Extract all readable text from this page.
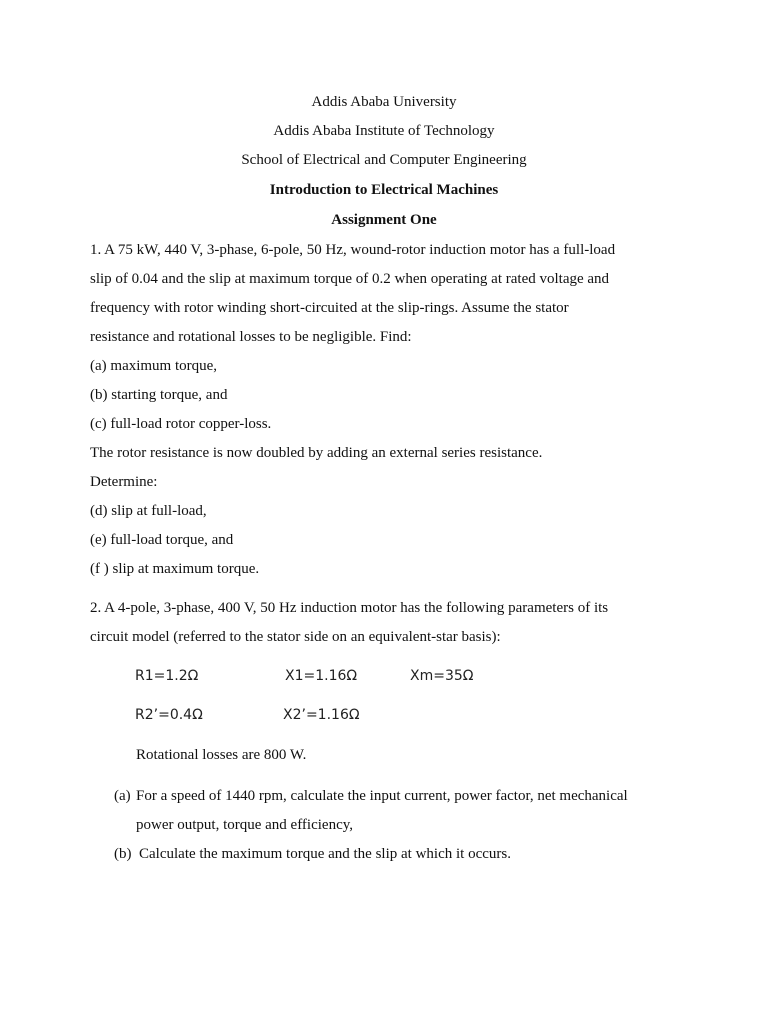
Addis Ababa University
Addis Ababa Institute of Technology
School of Electrical and Computer Engineering
Introduction to Electrical Machines
Assignment One
1. A 75 kW, 440 V, 3-phase, 6-pole, 50 Hz, wound-rotor induction motor has a full-load
slip of 0.04 and the slip at maximum torque of 0.2 when operating at rated voltage and
frequency with rotor winding short-circuited at the slip-rings. Assume the stator
resistance and rotational losses to be negligible. Find:
(a) maximum torque,
(b) starting torque, and
(c) full-load rotor copper-loss.
The rotor resistance is now doubled by adding an external series resistance.
Determine:
(d) slip at full-load,
(e) full-load torque, and
(f ) slip at maximum torque.
2. A 4-pole, 3-phase, 400 V, 50 Hz induction motor has the following parameters of its
circuit model (referred to the stator side on an equivalent-star basis):
R1=1.2Ω	X1=1.16Ω	Xm=35Ω
R2’=0.4Ω	X2’=1.16Ω
Rotational losses are 800 W.
(a) For a speed of 1440 rpm, calculate the input current, power factor, net mechanical
power output, torque and efficiency,
(b) Calculate the maximum torque and the slip at which it occurs.
